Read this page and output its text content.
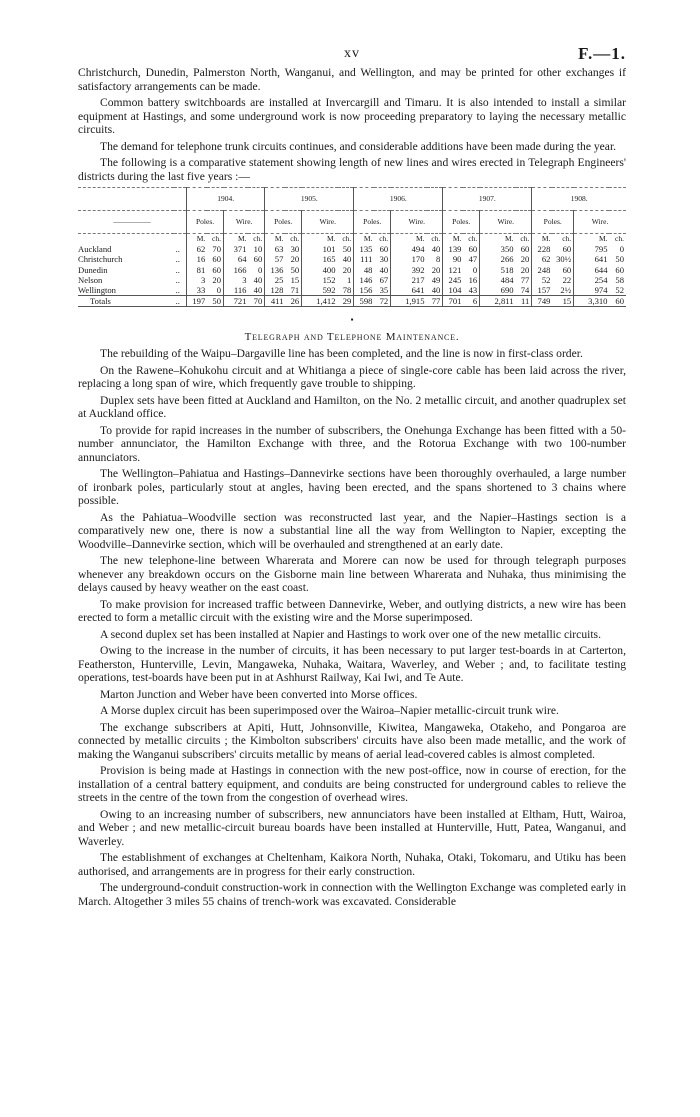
xv	F.—1.

Christchurch, Dunedin, Palmerston North, Wanganui, and Wellington, and may be printed for other exchanges if satisfactory arrangements can be made.

Common battery switchboards are installed at Invercargill and Timaru. It is also intended to install a similar equipment at Hastings, and some underground work is now proceeding preparatory to laying the necessary metallic circuits.

The demand for telephone trunk circuits continues, and considerable additions have been made during the year.

The following is a comparative statement showing length of new lines and wires erected in Telegraph Engineers' districts during the last five years :—

		1904.				1905.				1906.				1907.				1908.			
—————		Poles.		Wire.		Poles.		Wire.		Poles.		Wire.		Poles.		Wire.		Poles.		Wire.	
		M.	ch.	M.	ch.	M.	ch.	M.	ch.	M.	ch.	M.	ch.	M.	ch.	M.	ch.	M.	ch.	M.	ch.
Auckland	..	62	70	371	10	63	30	101	50	135	60	494	40	139	60	350	60	228	60	795	0
Christchurch	..	16	60	64	60	57	20	165	40	111	30	170	8	90	47	266	20	62	30½	641	50
Dunedin	..	81	60	166	0	136	50	400	20	48	40	392	20	121	0	518	20	248	60	644	60
Nelson	..	3	20	3	40	25	15	152	1	146	67	217	49	245	16	484	77	52	22	254	58
Wellington	..	33	0	116	40	128	71	592	78	156	35	641	40	104	43	690	74	157	2½	974	52
Totals	..	197	50	721	70	411	26	1,412	29	598	72	1,915	77	701	6	2,811	11	749	15	3,310	60
▪
Telegraph and Telephone Maintenance.

The rebuilding of the Waipu–Dargaville line has been completed, and the line is now in first-class order.

On the Rawene–Kohukohu circuit and at Whitianga a piece of single-core cable has been laid across the river, replacing a long span of wire, which frequently gave trouble to shipping.

Duplex sets have been fitted at Auckland and Hamilton, on the No. 2 metallic circuit, and another quadruplex set at Auckland office.

To provide for rapid increases in the number of subscribers, the Onehunga Exchange has been fitted with a 50-number annunciator, the Hamilton Exchange with three, and the Rotorua Exchange with two 100-number annunciators.

The Wellington–Pahiatua and Hastings–Dannevirke sections have been thoroughly overhauled, a large number of ironbark poles, particularly stout at angles, having been erected, and the spans shortened to 3 chains where possible.

As the Pahiatua–Woodville section was reconstructed last year, and the Napier–Hastings section is a comparatively new one, there is now a substantial line all the way from Wellington to Napier, excepting the Woodville–Dannevirke section, which will be overhauled and strengthened at an early date.

The new telephone-line between Wharerata and Morere can now be used for through telegraph purposes whenever any breakdown occurs on the Gisborne main line between Wharerata and Nuhaka, thus minimising the delays caused by heavy weather on the east coast.

To make provision for increased traffic between Dannevirke, Weber, and outlying districts, a new wire has been erected to form a metallic circuit with the existing wire and the Morse superimposed.

A second duplex set has been installed at Napier and Hastings to work over one of the new metallic circuits.

Owing to the increase in the number of circuits, it has been necessary to put larger test-boards in at Carterton, Featherston, Hunterville, Levin, Mangaweka, Nuhaka, Waitara, Waverley, and Weber ; and, to facilitate testing operations, test-boards have been put in at Ashhurst Railway, Kai Iwi, and Te Aute.

Marton Junction and Weber have been converted into Morse offices.

A Morse duplex circuit has been superimposed over the Wairoa–Napier metallic-circuit trunk wire.

The exchange subscribers at Apiti, Hutt, Johnsonville, Kiwitea, Mangaweka, Otakeho, and Pongaroa are connected by metallic circuits ; the Kimbolton subscribers' circuits have also been made metallic, and the work of making the Wanganui subscribers' circuits metallic by means of aerial lead-covered cables is almost completed.

Provision is being made at Hastings in connection with the new post-office, now in course of erection, for the installation of a central battery equipment, and conduits are being constructed for underground cables to relieve the streets in the centre of the town from the congestion of overhead wires.

Owing to an increasing number of subscribers, new annunciators have been installed at Eltham, Hutt, Wairoa, and Weber ; and new metallic-circuit bureau boards have been installed at Hunterville, Hutt, Patea, Wanganui, and Waverley.

The establishment of exchanges at Cheltenham, Kaikora North, Nuhaka, Otaki, Tokomaru, and Utiku has been authorised, and arrangements are in progress for their early construction.

The underground-conduit construction-work in connection with the Wellington Exchange was completed early in March. Altogether 3 miles 55 chains of trench-work was excavated. Considerable
